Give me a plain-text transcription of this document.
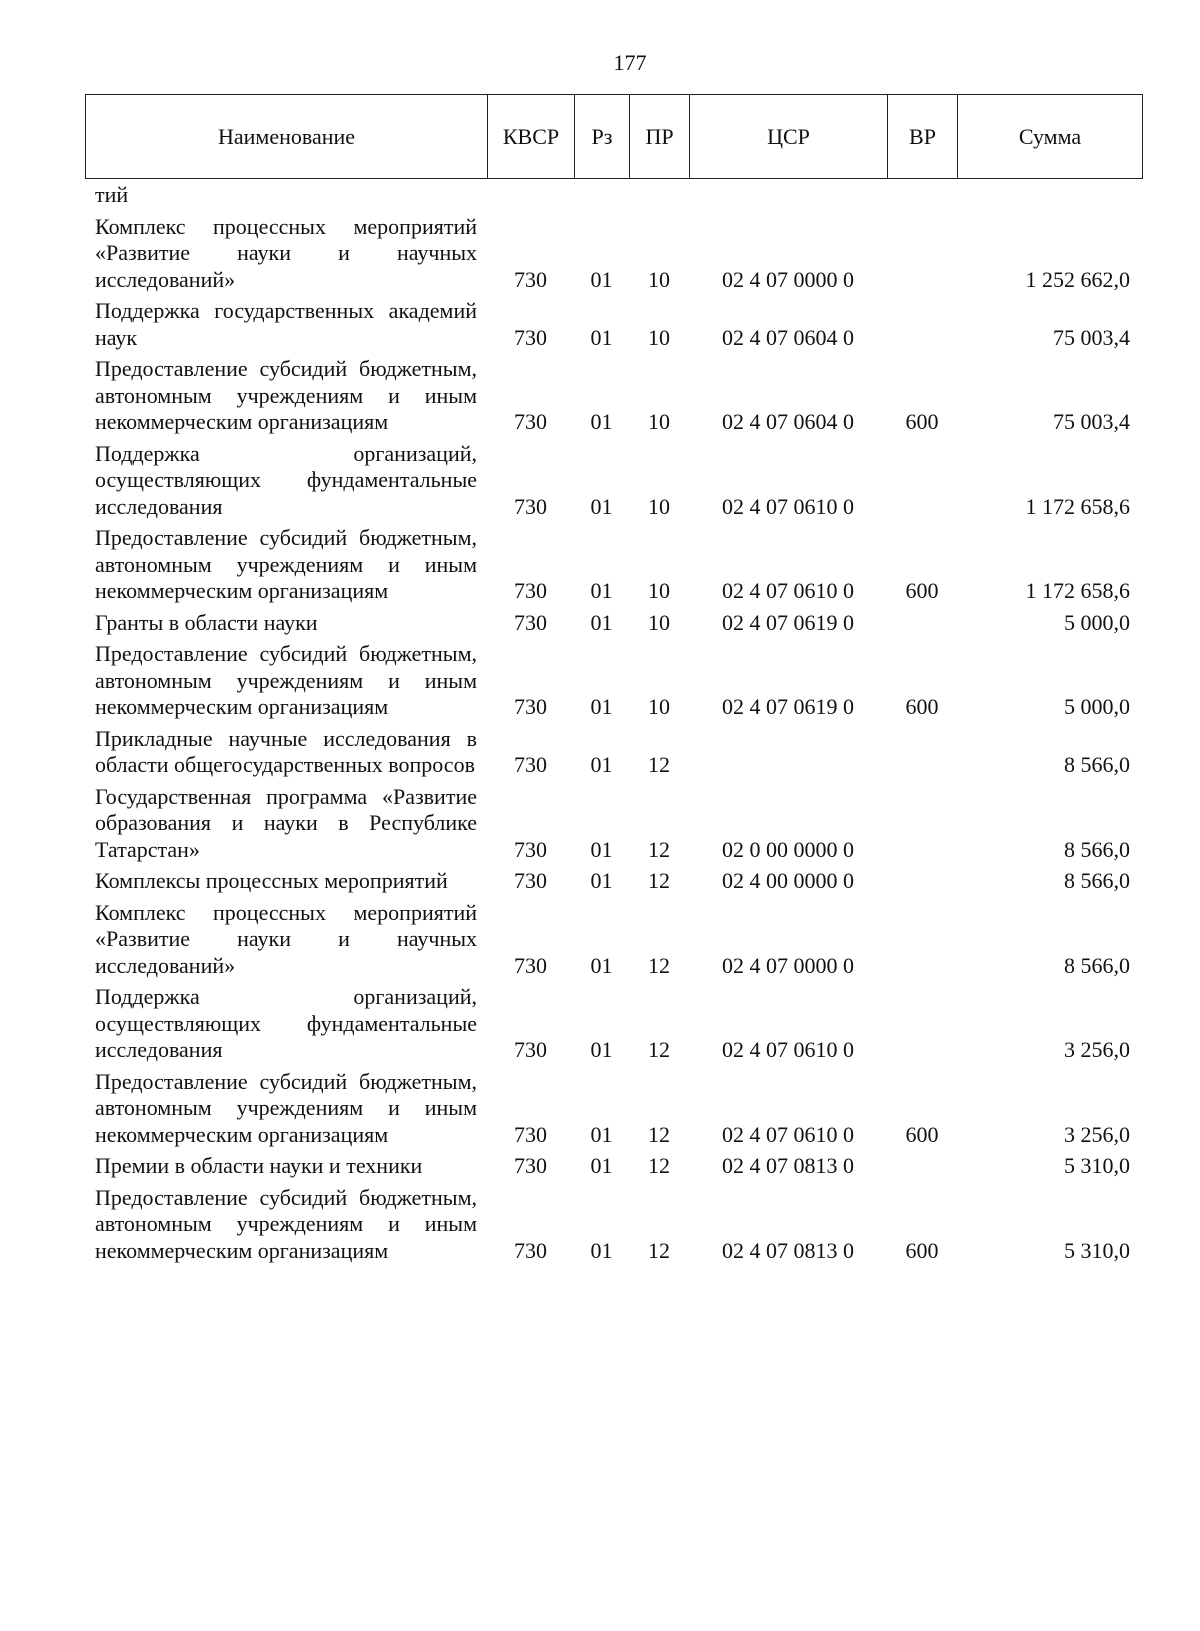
177
Наименование	КВСР	Рз	ПР	ЦСР	ВР	Сумма
тий						
Комплекс процессных мероприятий «Развитие науки и научных исследований»	730	01	10	02 4 07 0000 0		1 252 662,0
Поддержка государственных академий наук	730	01	10	02 4 07 0604 0		75 003,4
Предоставление субсидий бюджетным, автономным учреждениям и иным некоммерческим организациям	730	01	10	02 4 07 0604 0	600	75 003,4
Поддержка организаций, осуществляющих фундаментальные исследования	730	01	10	02 4 07 0610 0		1 172 658,6
Предоставление субсидий бюджетным, автономным учреждениям и иным некоммерческим организациям	730	01	10	02 4 07 0610 0	600	1 172 658,6
Гранты в области науки	730	01	10	02 4 07 0619 0		5 000,0
Предоставление субсидий бюджетным, автономным учреждениям и иным некоммерческим организациям	730	01	10	02 4 07 0619 0	600	5 000,0
Прикладные научные исследования в области общегосударственных вопросов	730	01	12			8 566,0
Государственная программа «Развитие образования и науки в Республике Татарстан»	730	01	12	02 0 00 0000 0		8 566,0
Комплексы процессных мероприятий	730	01	12	02 4 00 0000 0		8 566,0
Комплекс процессных мероприятий «Развитие науки и научных исследований»	730	01	12	02 4 07 0000 0		8 566,0
Поддержка организаций, осуществляющих фундаментальные исследования	730	01	12	02 4 07 0610 0		3 256,0
Предоставление субсидий бюджетным, автономным учреждениям и иным некоммерческим организациям	730	01	12	02 4 07 0610 0	600	3 256,0
Премии в области науки и техники	730	01	12	02 4 07 0813 0		5 310,0
Предоставление субсидий бюджетным, автономным учреждениям и иным некоммерческим организациям	730	01	12	02 4 07 0813 0	600	5 310,0
